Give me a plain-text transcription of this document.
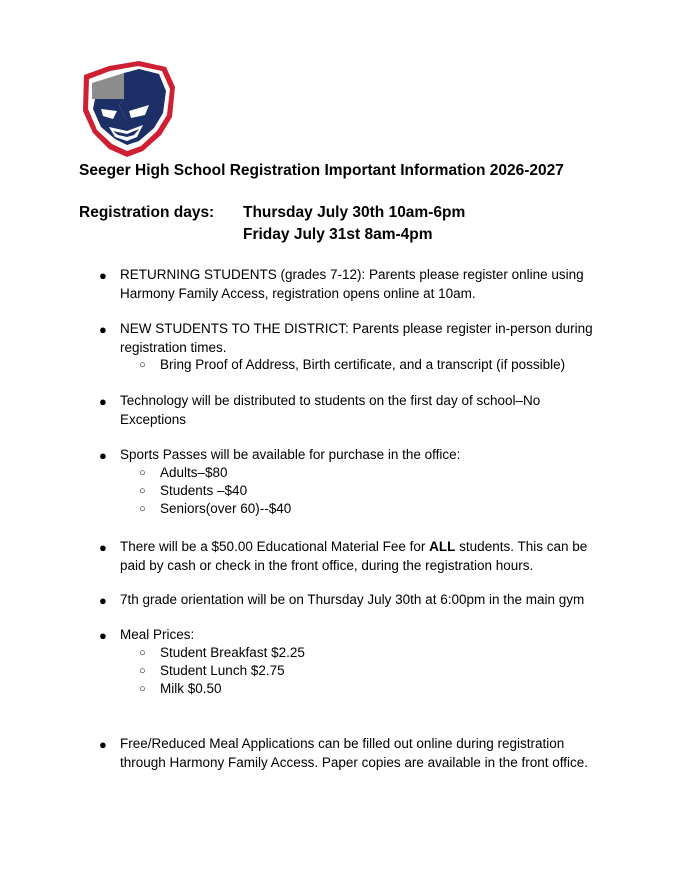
Seeger High School Registration Important Information 2026-2027
Registration days: Thursday July 30th 10am-6pm
Friday July 31st 8am-4pm
● RETURNING STUDENTS (grades 7-12): Parents please register online using
Harmony Family Access, registration opens online at 10am.
● NEW STUDENTS TO THE DISTRICT: Parents please register in-person during
registration times.
○ Bring Proof of Address, Birth certificate, and a transcript (if possible)
● Technology will be distributed to students on the first day of school–No
Exceptions
● Sports Passes will be available for purchase in the office:
○ Adults–$80
○ Students –$40
○ Seniors(over 60)--$40
● There will be a $50.00 Educational Material Fee for ALL students. This can be
paid by cash or check in the front office, during the registration hours.
● 7th grade orientation will be on Thursday July 30th at 6:00pm in the main gym
● Meal Prices:
○ Student Breakfast $2.25
○ Student Lunch $2.75
○ Milk $0.50
● Free/Reduced Meal Applications can be filled out online during registration
through Harmony Family Access. Paper copies are available in the front office.
